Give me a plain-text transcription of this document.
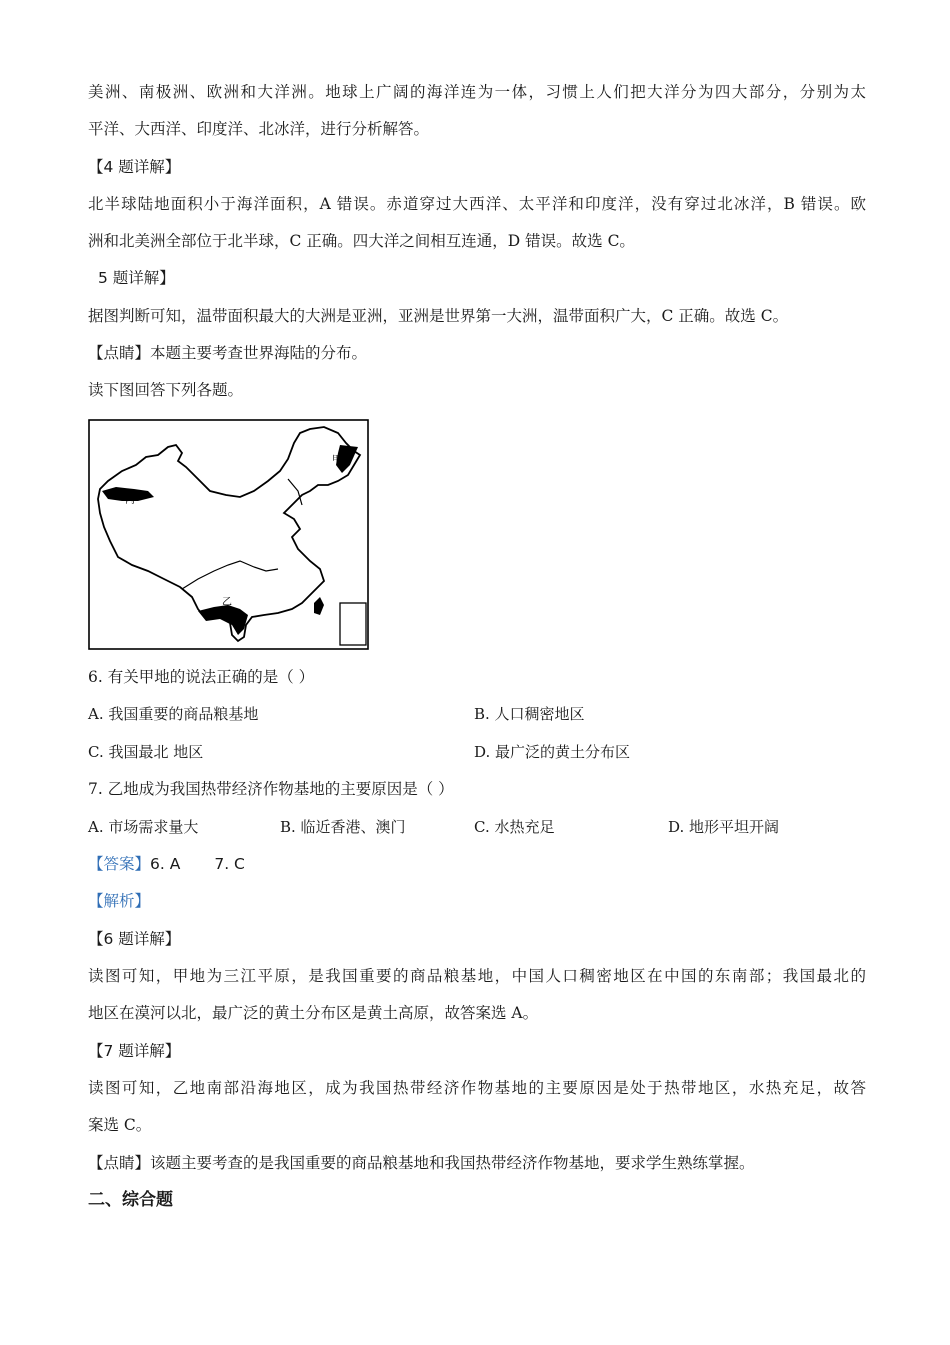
美洲、南极洲、欧洲和大洋洲。地球上广阔的海洋连为一体，习惯上人们把大洋分为四大部分，分别为太
平洋、大西洋、印度洋、北冰洋，进行分析解答。
【4 题详解】
北半球陆地面积小于海洋面积，A 错误。赤道穿过大西洋、太平洋和印度洋，没有穿过北冰洋，B 错误。欧
洲和北美洲全部位于北半球，C 正确。四大洋之间相互连通，D 错误。故选 C。
5 题详解】
据图判断可知，温带面积最大的大洲是亚洲，亚洲是世界第一大洲，温带面积广大，C 正确。故选 C。
【点睛】本题主要考查世界海陆的分布。
读下图回答下列各题。
甲
丙
乙
6. 有关甲地的说法正确的是（ ）
A. 我国重要的商品粮基地	B. 人口稠密地区
C. 我国最北 地区	D. 最广泛的黄土分布区
7. 乙地成为我国热带经济作物基地的主要原因是（ ）
A. 市场需求量大	B. 临近香港、澳门	C. 水热充足	D. 地形平坦开阔
【答案】6. A 7. C
【解析】
【6 题详解】
读图可知，甲地为三江平原，是我国重要的商品粮基地，中国人口稠密地区在中国的东南部；我国最北的
地区在漠河以北，最广泛的黄土分布区是黄土高原，故答案选 A。
【7 题详解】
读图可知，乙地南部沿海地区，成为我国热带经济作物基地的主要原因是处于热带地区，水热充足，故答
案选 C。
【点睛】该题主要考查的是我国重要的商品粮基地和我国热带经济作物基地，要求学生熟练掌握。
二、综合题
